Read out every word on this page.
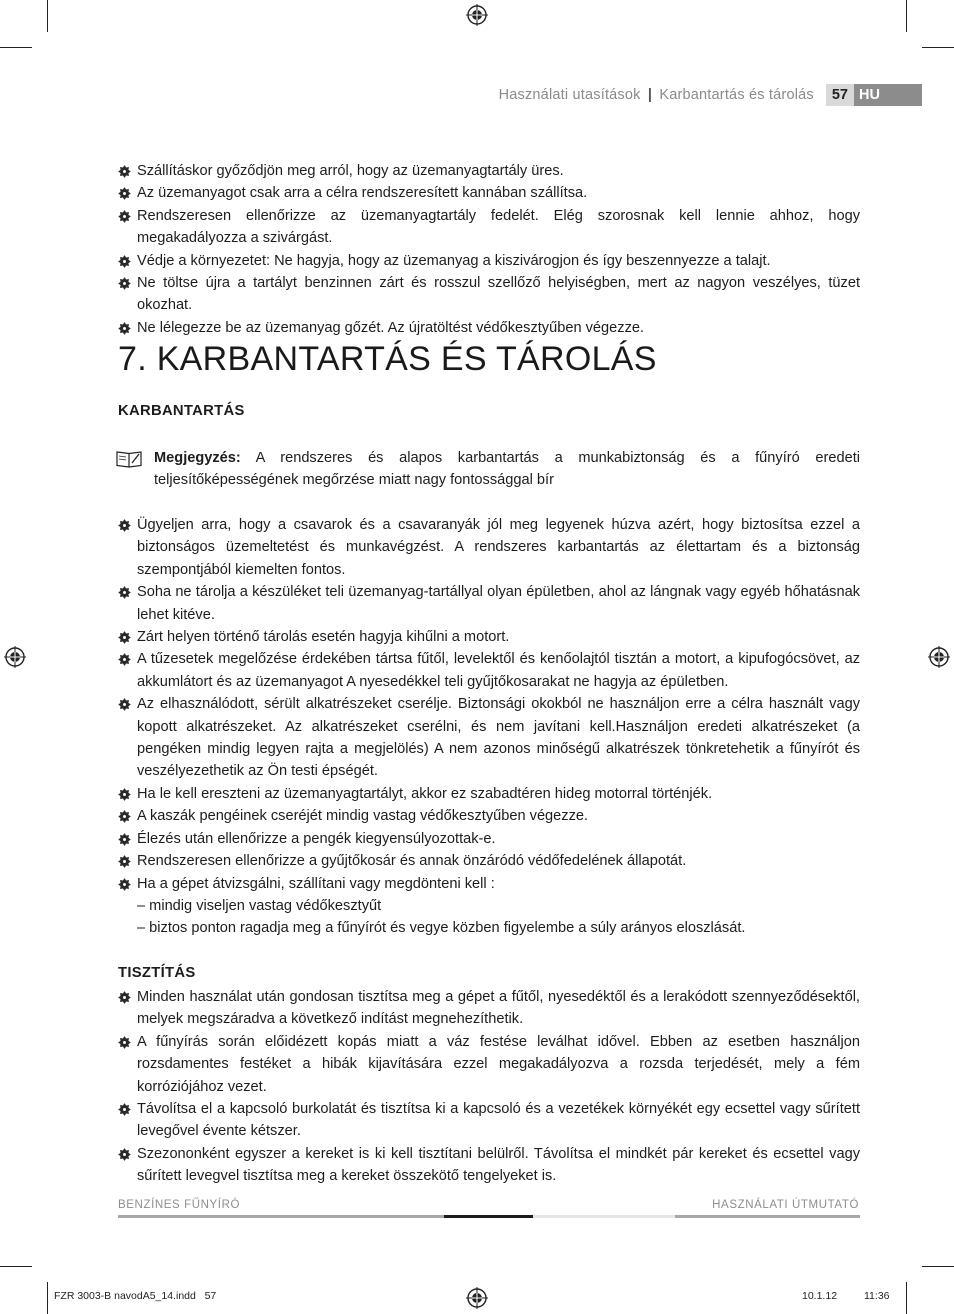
Használati utasítások | Karbantartás és tárolás	57 HU
Szállításkor győződjön meg arról, hogy az üzemanyagtartály üres.
Az üzemanyagot csak arra a célra rendszeresített kannában szállítsa.
Rendszeresen ellenőrizze az üzemanyagtartály fedelét. Elég szorosnak kell lennie ahhoz, hogy megakadályozza a szivárgást.
Védje a környezetet: Ne hagyja, hogy az üzemanyag a kiszivárogjon és így beszennyezze a talajt.
Ne töltse újra a tartályt benzinnen zárt és rosszul szellőző helyiségben, mert az nagyon veszélyes, tüzet okozhat.
Ne lélegezze be az üzemanyag gőzét. Az újratöltést védőkesztyűben végezze.
7. KARBANTARTÁS ÉS TÁROLÁS
KARBANTARTÁS
Megjegyzés: A rendszeres és alapos karbantartás a munkabiztonság és a fűnyíró eredeti teljesítőképességének megőrzése miatt nagy fontossággal bír
Ügyeljen arra, hogy a csavarok és a csavaranyák jól meg legyenek húzva azért, hogy biztosítsa ezzel a biztonságos üzemeltetést és munkavégzést. A rendszeres karbantartás az élettartam és a biztonság szempontjából kiemelten fontos.
Soha ne tárolja a készüléket teli üzemanyag-tartállyal olyan épületben, ahol az lángnak vagy egyéb hőhatásnak lehet kitéve.
Zárt helyen történő tárolás esetén hagyja kihűlni a motort.
A tűzesetek megelőzése érdekében tártsa fűtől, levelektől és kenőolajtól tisztán a motort, a kipufogócsövet, az akkumlátort és az üzemanyagot A nyesedékkel teli gyűjtőkosarakat ne hagyja az épületben.
Az elhasználódott, sérült alkatrészeket cserélje. Biztonsági okokból ne használjon erre a célra használt vagy kopott alkatrészeket. Az alkatrészeket cserélni, és nem javítani kell.Használjon eredeti alkatrészeket (a pengéken mindig legyen rajta a megjelölés) A nem azonos minőségű alkatrészek tönkretehetik a fűnyírót és veszélyezethetik az Ön testi épségét.
Ha le kell ereszteni az üzemanyagtartályt, akkor ez szabadtéren hideg motorral történjék.
A kaszák pengéinek cseréjét mindig vastag védőkesztyűben végezze.
Élezés után ellenőrizze a pengék kiegyensúlyozottak-e.
Rendszeresen ellenőrizze a gyűjtőkosár és annak önzáródó védőfedelének állapotát.
Ha a gépet átvizsgálni, szállítani vagy megdönteni kell :
– mindig viseljen vastag védőkesztyűt
– biztos ponton ragadja meg a fűnyírót és vegye közben figyelembe a súly arányos eloszlását.
TISZTÍTÁS
Minden használat után gondosan tisztítsa meg a gépet a fűtől, nyesedéktől és a lerakódott szennyeződésektől, melyek megszáradva a következő indítást megnehezíthetik.
A fűnyírás során előidézett kopás miatt a váz festése leválhat idővel. Ebben az esetben használjon rozsdamentes festéket a hibák kijavítására ezzel megakadályozva a rozsda terjedését, mely a fém korróziójához vezet.
Távolítsa el a kapcsoló burkolatát és tisztítsa ki a kapcsoló és a vezetékek környékét egy ecsettel vagy sűrített levegővel évente kétszer.
Szezononként egyszer a kereket is ki kell tisztítani belülről. Távolítsa el mindkét pár kereket és ecsettel vagy sűrített levegvel tisztítsa meg a kereket összekötő tengelyeket is.
BENZÍNES FŰNYÍRÓ	HASZNÁLATI ÚTMUTATÓ
FZR 3003-B navodA5_14.indd   57	10.1.12	11:36
